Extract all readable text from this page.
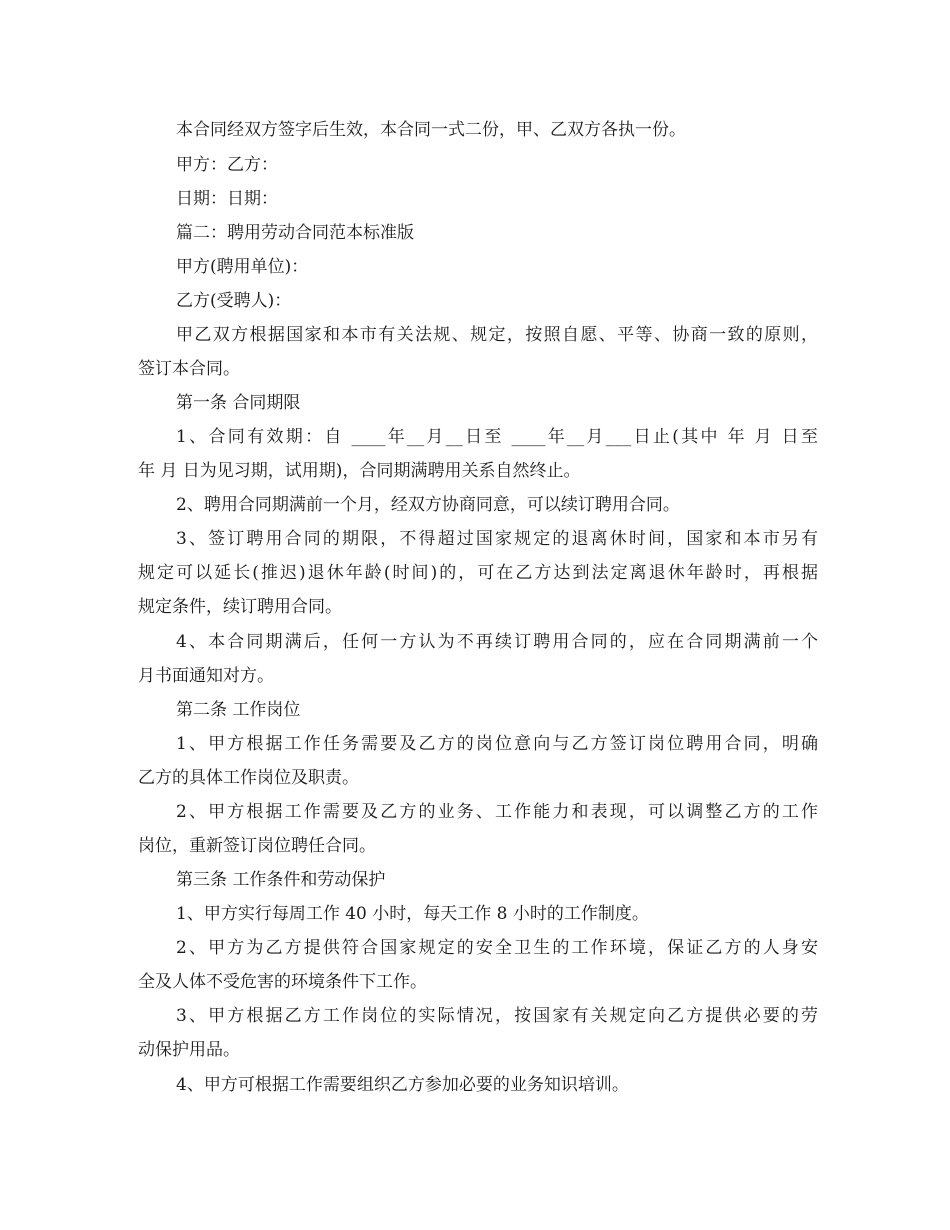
本合同经双方签字后生效，本合同一式二份，甲、乙双方各执一份。
甲方：乙方：
日期：日期：
篇二：聘用劳动合同范本标准版
甲方(聘用单位)：
乙方(受聘人)：
甲乙双方根据国家和本市有关法规、规定，按照自愿、平等、协商一致的原则，
签订本合同。
第一条 合同期限
1、合同有效期：自 ____年__月__日至 ____年__月___日止(其中 年 月 日至
年 月 日为见习期，试用期)，合同期满聘用关系自然终止。
2、聘用合同期满前一个月，经双方协商同意，可以续订聘用合同。
3、签订聘用合同的期限，不得超过国家规定的退离休时间，国家和本市另有
规定可以延长(推迟)退休年龄(时间)的，可在乙方达到法定离退休年龄时，再根据
规定条件，续订聘用合同。
4、本合同期满后，任何一方认为不再续订聘用合同的，应在合同期满前一个
月书面通知对方。
第二条 工作岗位
1、甲方根据工作任务需要及乙方的岗位意向与乙方签订岗位聘用合同，明确
乙方的具体工作岗位及职责。
2、甲方根据工作需要及乙方的业务、工作能力和表现，可以调整乙方的工作
岗位，重新签订岗位聘任合同。
第三条 工作条件和劳动保护
1、甲方实行每周工作 40 小时，每天工作 8 小时的工作制度。
2、甲方为乙方提供符合国家规定的安全卫生的工作环境，保证乙方的人身安
全及人体不受危害的环境条件下工作。
3、甲方根据乙方工作岗位的实际情况，按国家有关规定向乙方提供必要的劳
动保护用品。
4、甲方可根据工作需要组织乙方参加必要的业务知识培训。
